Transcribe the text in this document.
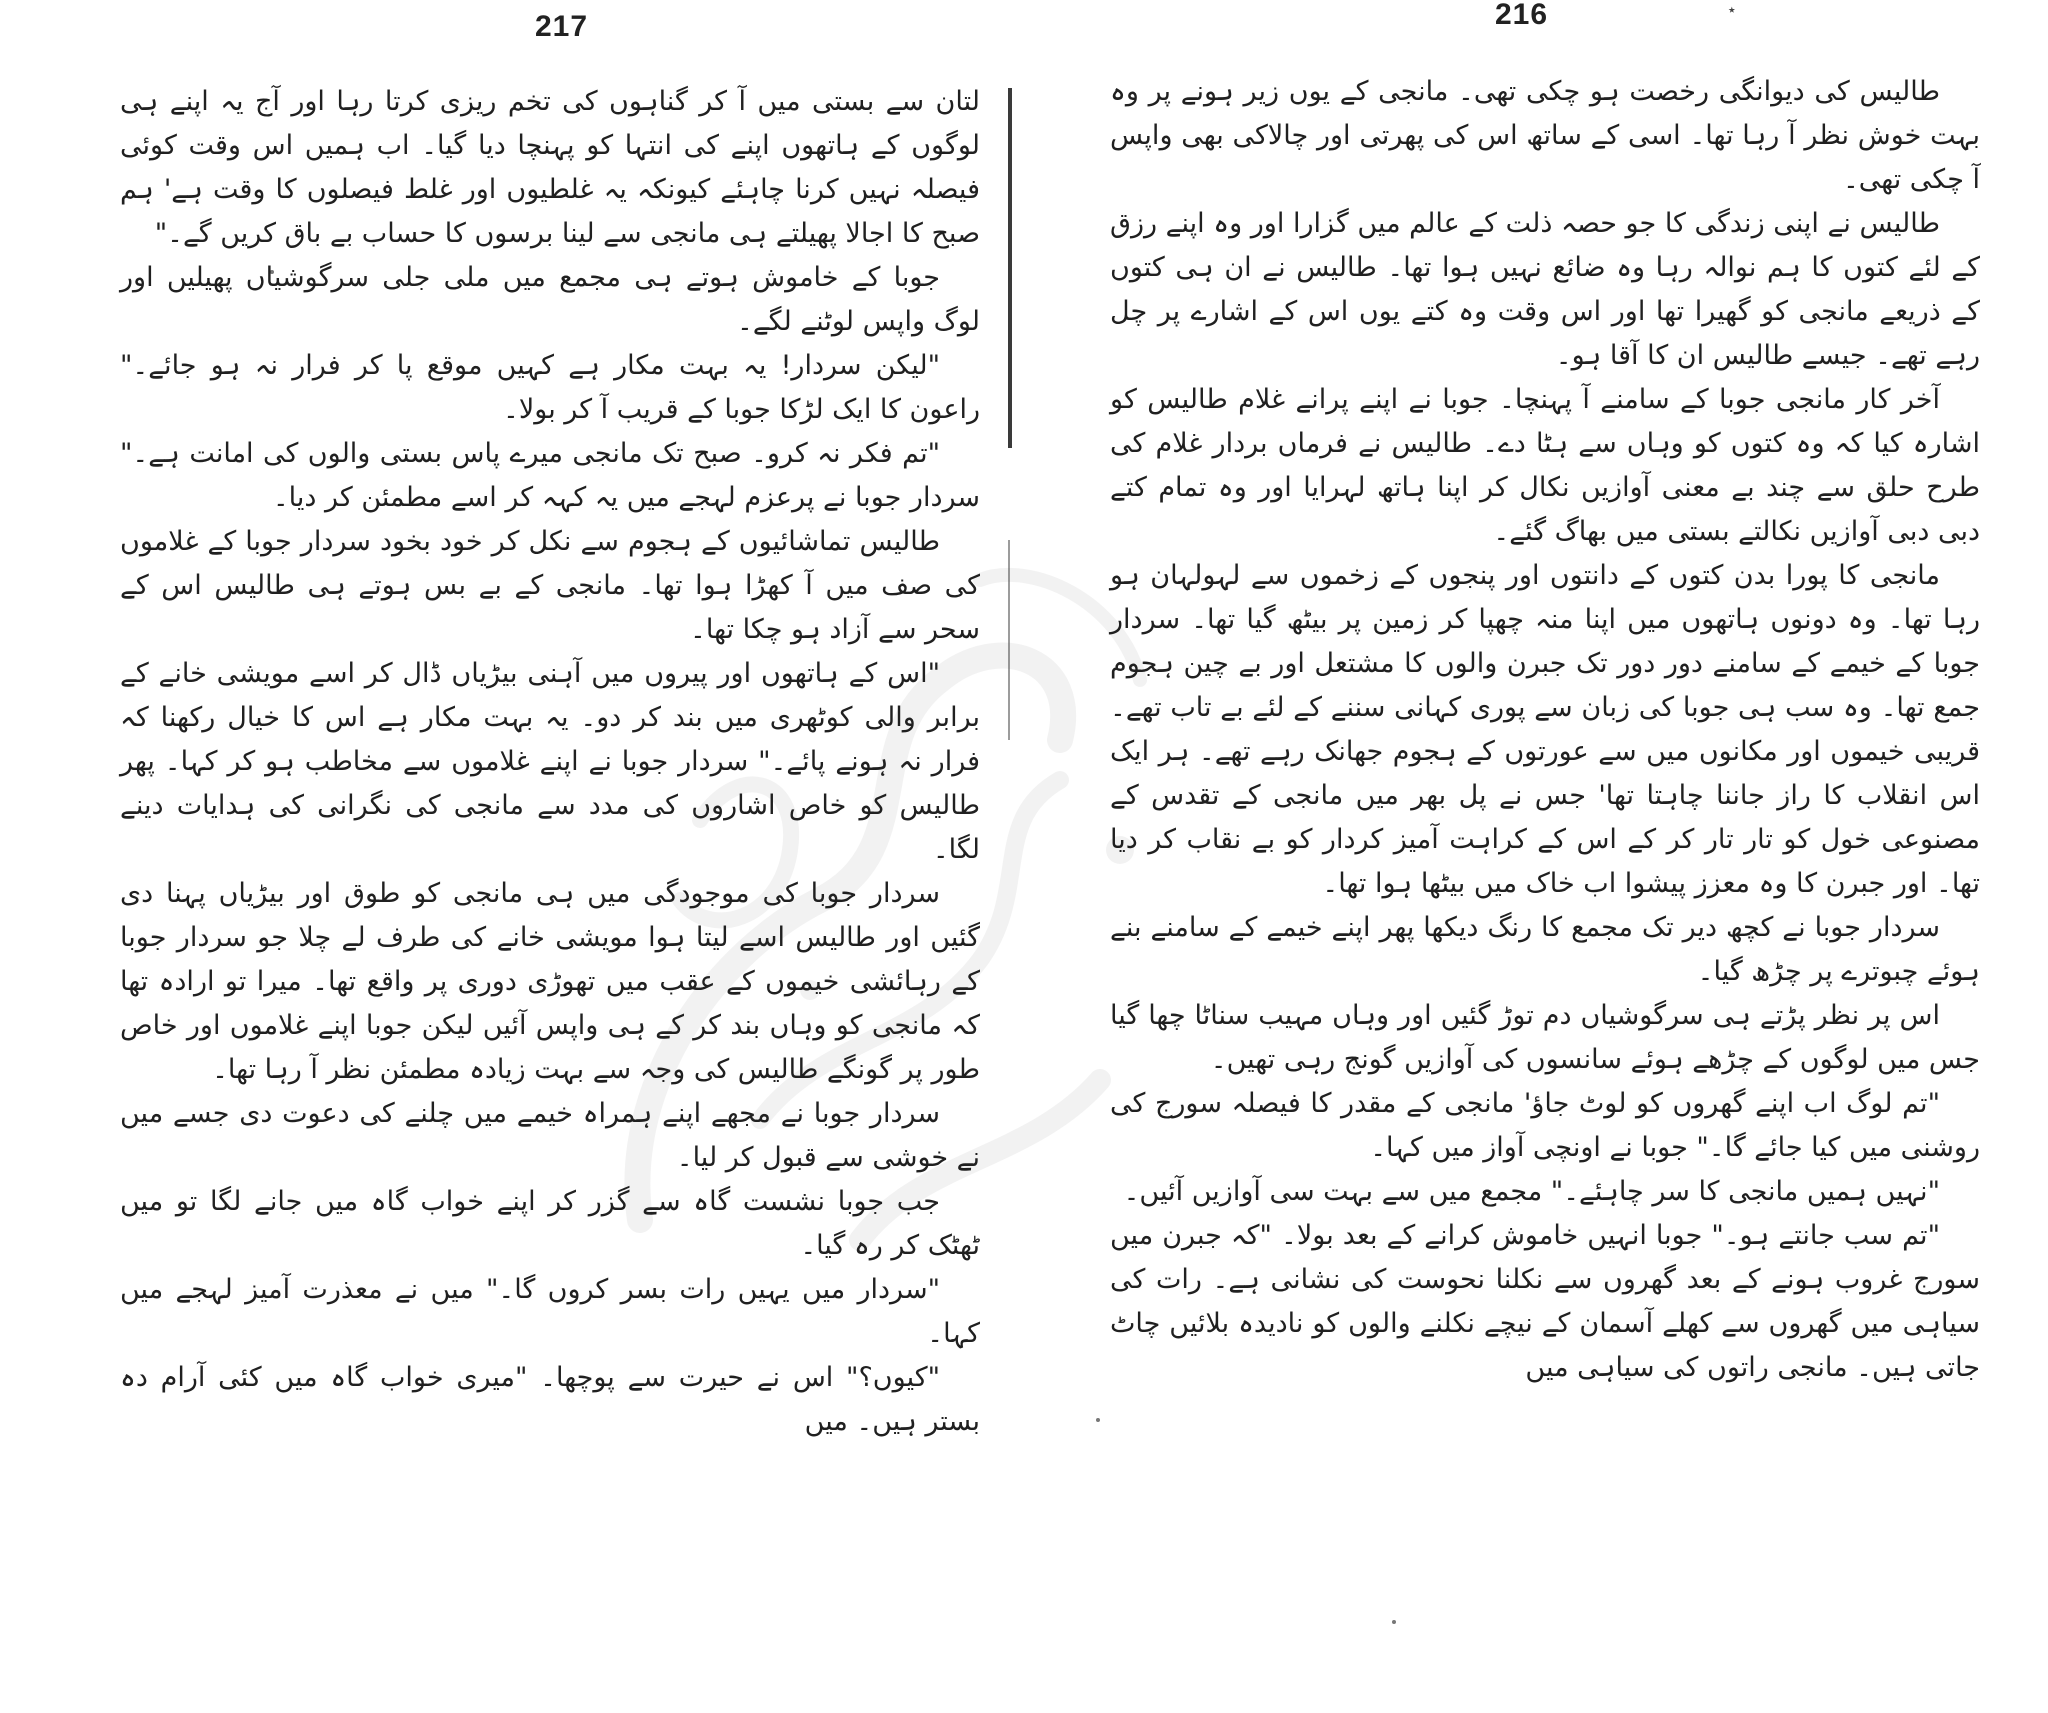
٭
217

لتان سے بستی میں آ کر گناہوں کی تخم ریزی کرتا رہا اور آج یہ اپنے ہی لوگوں کے ہاتھوں اپنے کی انتہا کو پہنچا دیا گیا۔ اب ہمیں اس وقت کوئی فیصلہ نہیں کرنا چاہئے کیونکہ یہ غلطیوں اور غلط فیصلوں کا وقت ہے' ہم صبح کا اجالا پھیلتے ہی مانجی سے لینا برسوں کا حساب بے باق کریں گے۔"

جوبا کے خاموش ہوتے ہی مجمع میں ملی جلی سرگوشیاں پھیلیں اور لوگ واپس لوٹنے لگے۔

"لیکن سردار! یہ بہت مکار ہے کہیں موقع پا کر فرار نہ ہو جائے۔" راعون کا ایک لڑکا جوبا کے قریب آ کر بولا۔

"تم فکر نہ کرو۔ صبح تک مانجی میرے پاس بستی والوں کی امانت ہے۔" سردار جوبا نے پرعزم لہجے میں یہ کہہ کر اسے مطمئن کر دیا۔

طالیس تماشائیوں کے ہجوم سے نکل کر خود بخود سردار جوبا کے غلاموں کی صف میں آ کھڑا ہوا تھا۔ مانجی کے بے بس ہوتے ہی طالیس اس کے سحر سے آزاد ہو چکا تھا۔

"اس کے ہاتھوں اور پیروں میں آہنی بیڑیاں ڈال کر اسے مویشی خانے کے برابر والی کوٹھری میں بند کر دو۔ یہ بہت مکار ہے اس کا خیال رکھنا کہ فرار نہ ہونے پائے۔" سردار جوبا نے اپنے غلاموں سے مخاطب ہو کر کہا۔ پھر طالیس کو خاص اشاروں کی مدد سے مانجی کی نگرانی کی ہدایات دینے لگا۔

سردار جوبا کی موجودگی میں ہی مانجی کو طوق اور بیڑیاں پہنا دی گئیں اور طالیس اسے لیتا ہوا مویشی خانے کی طرف لے چلا جو سردار جوبا کے رہائشی خیموں کے عقب میں تھوڑی دوری پر واقع تھا۔ میرا تو ارادہ تھا کہ مانجی کو وہاں بند کر کے ہی واپس آئیں لیکن جوبا اپنے غلاموں اور خاص طور پر گونگے طالیس کی وجہ سے بہت زیادہ مطمئن نظر آ رہا تھا۔

سردار جوبا نے مجھے اپنے ہمراہ خیمے میں چلنے کی دعوت دی جسے میں نے خوشی سے قبول کر لیا۔

جب جوبا نشست گاہ سے گزر کر اپنے خواب گاہ میں جانے لگا تو میں ٹھٹک کر رہ گیا۔

"سردار میں یہیں رات بسر کروں گا۔" میں نے معذرت آمیز لہجے میں کہا۔

"کیوں؟" اس نے حیرت سے پوچھا۔ "میری خواب گاہ میں کئی آرام دہ بستر ہیں۔ میں

216

طالیس کی دیوانگی رخصت ہو چکی تھی۔ مانجی کے یوں زیر ہونے پر وہ بہت خوش نظر آ رہا تھا۔ اسی کے ساتھ اس کی پھرتی اور چالاکی بھی واپس آ چکی تھی۔

طالیس نے اپنی زندگی کا جو حصہ ذلت کے عالم میں گزارا اور وہ اپنے رزق کے لئے کتوں کا ہم نوالہ رہا وہ ضائع نہیں ہوا تھا۔ طالیس نے ان ہی کتوں کے ذریعے مانجی کو گھیرا تھا اور اس وقت وہ کتے یوں اس کے اشارے پر چل رہے تھے۔ جیسے طالیس ان کا آقا ہو۔

آخر کار مانجی جوبا کے سامنے آ پہنچا۔ جوبا نے اپنے پرانے غلام طالیس کو اشارہ کیا کہ وہ کتوں کو وہاں سے ہٹا دے۔ طالیس نے فرماں بردار غلام کی طرح حلق سے چند بے معنی آوازیں نکال کر اپنا ہاتھ لہرایا اور وہ تمام کتے دبی دبی آوازیں نکالتے بستی میں بھاگ گئے۔

مانجی کا پورا بدن کتوں کے دانتوں اور پنجوں کے زخموں سے لہولہان ہو رہا تھا۔ وہ دونوں ہاتھوں میں اپنا منہ چھپا کر زمین پر بیٹھ گیا تھا۔ سردار جوبا کے خیمے کے سامنے دور دور تک جبرن والوں کا مشتعل اور بے چین ہجوم جمع تھا۔ وہ سب ہی جوبا کی زبان سے پوری کہانی سننے کے لئے بے تاب تھے۔ قریبی خیموں اور مکانوں میں سے عورتوں کے ہجوم جھانک رہے تھے۔ ہر ایک اس انقلاب کا راز جاننا چاہتا تھا' جس نے پل بھر میں مانجی کے تقدس کے مصنوعی خول کو تار تار کر کے اس کے کراہت آمیز کردار کو بے نقاب کر دیا تھا۔ اور جبرن کا وہ معزز پیشوا اب خاک میں بیٹھا ہوا تھا۔

سردار جوبا نے کچھ دیر تک مجمع کا رنگ دیکھا پھر اپنے خیمے کے سامنے بنے ہوئے چبوترے پر چڑھ گیا۔

اس پر نظر پڑتے ہی سرگوشیاں دم توڑ گئیں اور وہاں مہیب سناٹا چھا گیا جس میں لوگوں کے چڑھے ہوئے سانسوں کی آوازیں گونج رہی تھیں۔

"تم لوگ اب اپنے گھروں کو لوٹ جاؤ' مانجی کے مقدر کا فیصلہ سورج کی روشنی میں کیا جائے گا۔" جوبا نے اونچی آواز میں کہا۔

"نہیں ہمیں مانجی کا سر چاہئے۔" مجمع میں سے بہت سی آوازیں آئیں۔

"تم سب جانتے ہو۔" جوبا انہیں خاموش کرانے کے بعد بولا۔ "کہ جبرن میں سورج غروب ہونے کے بعد گھروں سے نکلنا نحوست کی نشانی ہے۔ رات کی سیاہی میں گھروں سے کھلے آسمان کے نیچے نکلنے والوں کو نادیدہ بلائیں چاٹ جاتی ہیں۔ مانجی راتوں کی سیاہی میں
